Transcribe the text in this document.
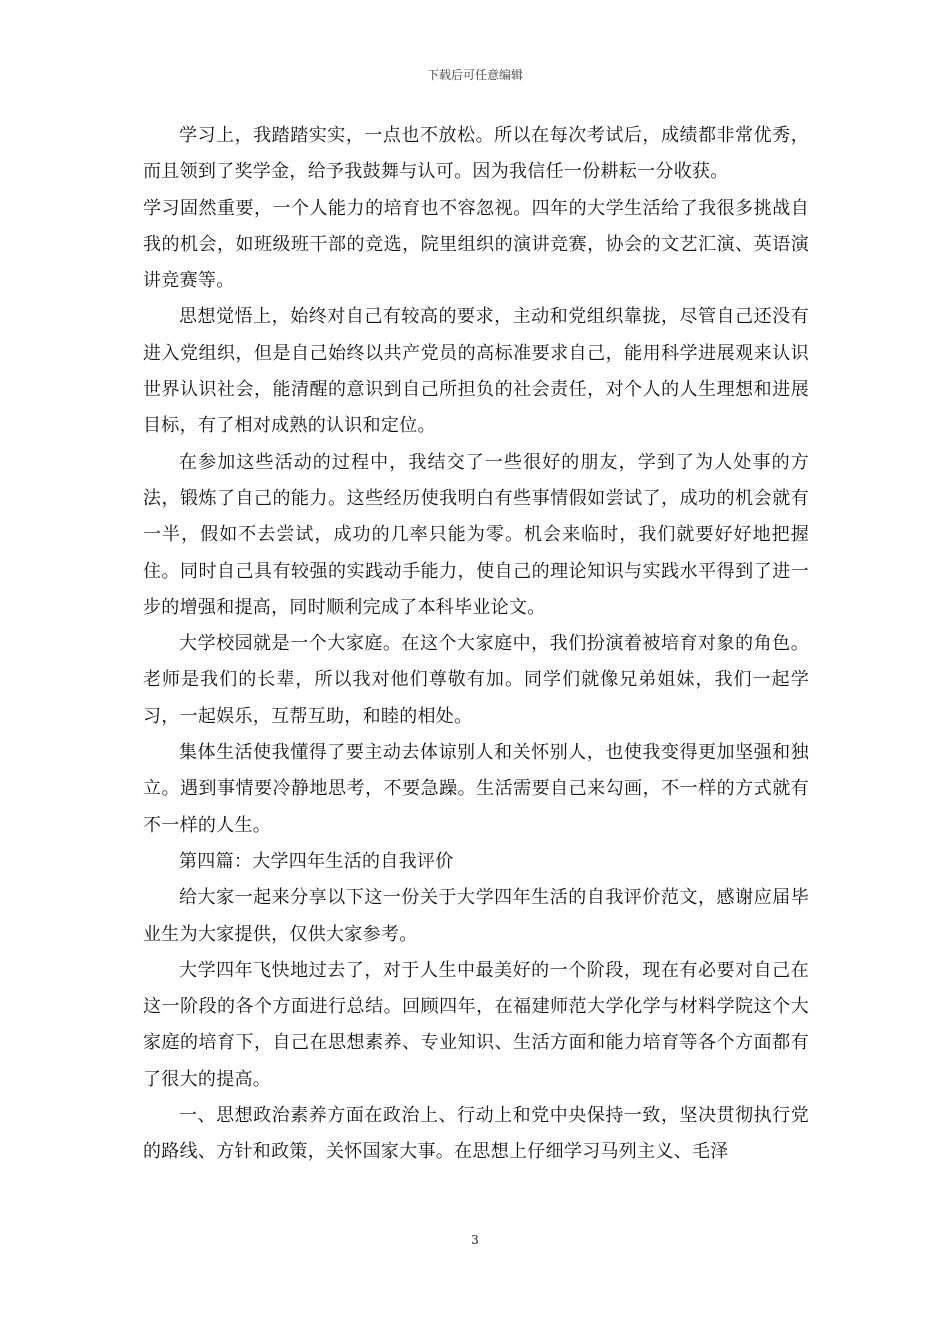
下载后可任意编辑

学习上，我踏踏实实，一点也不放松。所以在每次考试后，成绩都非常优秀，而且领到了奖学金，给予我鼓舞与认可。因为我信任一份耕耘一分收获。

学习固然重要，一个人能力的培育也不容忽视。四年的大学生活给了我很多挑战自我的机会，如班级班干部的竞选，院里组织的演讲竞赛，协会的文艺汇演、英语演讲竞赛等。

思想觉悟上，始终对自己有较高的要求，主动和党组织靠拢，尽管自己还没有进入党组织，但是自己始终以共产党员的高标准要求自己，能用科学进展观来认识世界认识社会，能清醒的意识到自己所担负的社会责任，对个人的人生理想和进展目标，有了相对成熟的认识和定位。

在参加这些活动的过程中，我结交了一些很好的朋友，学到了为人处事的方法，锻炼了自己的能力。这些经历使我明白有些事情假如尝试了，成功的机会就有一半，假如不去尝试，成功的几率只能为零。机会来临时，我们就要好好地把握住。同时自己具有较强的实践动手能力，使自己的理论知识与实践水平得到了进一步的增强和提高，同时顺利完成了本科毕业论文。

大学校园就是一个大家庭。在这个大家庭中，我们扮演着被培育对象的角色。老师是我们的长辈，所以我对他们尊敬有加。同学们就像兄弟姐妹，我们一起学习，一起娱乐，互帮互助，和睦的相处。

集体生活使我懂得了要主动去体谅别人和关怀别人，也使我变得更加坚强和独立。遇到事情要冷静地思考，不要急躁。生活需要自己来勾画，不一样的方式就有不一样的人生。

第四篇：大学四年生活的自我评价

给大家一起来分享以下这一份关于大学四年生活的自我评价范文，感谢应届毕业生为大家提供，仅供大家参考。

大学四年飞快地过去了，对于人生中最美好的一个阶段，现在有必要对自己在这一阶段的各个方面进行总结。回顾四年，在福建师范大学化学与材料学院这个大家庭的培育下，自己在思想素养、专业知识、生活方面和能力培育等各个方面都有了很大的提高。

一、思想政治素养方面在政治上、行动上和党中央保持一致，坚决贯彻执行党的路线、方针和政策，关怀国家大事。在思想上仔细学习马列主义、毛泽

3
